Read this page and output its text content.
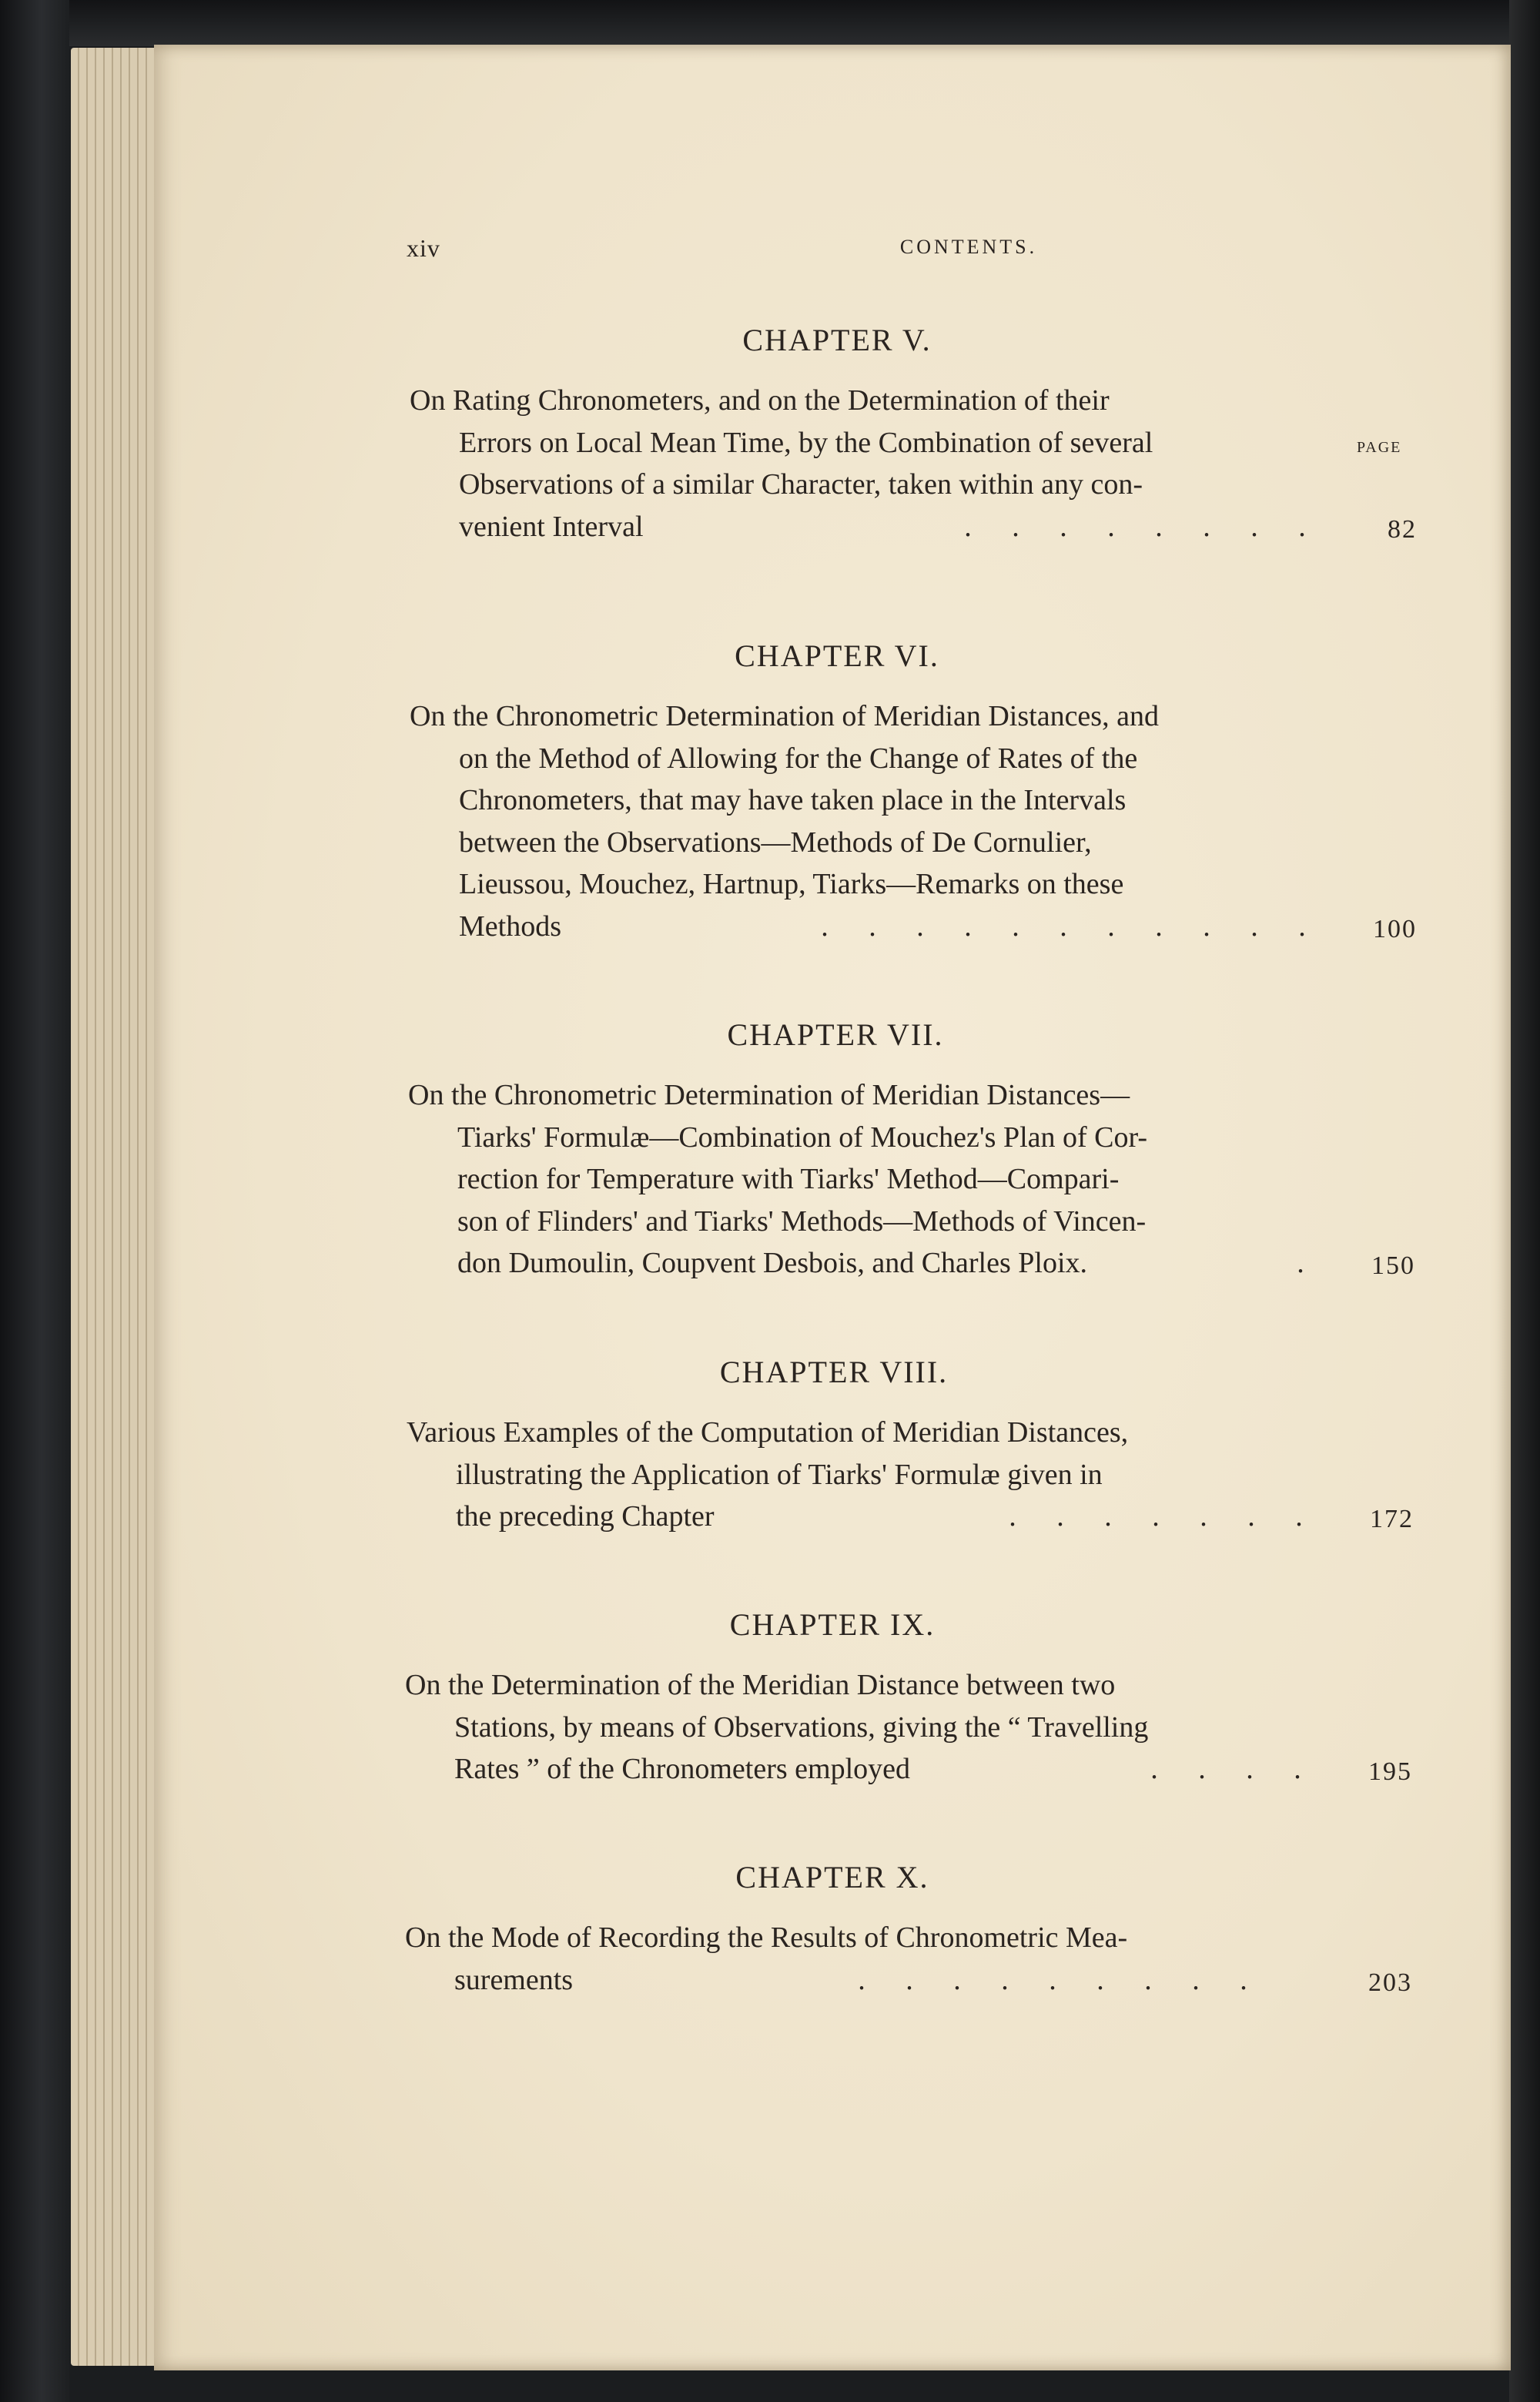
xiv	CONTENTS.
PAGE
CHAPTER V.
On Rating Chronometers, and on the Determination of their
Errors on Local Mean Time, by the Combination of several
Observations of a similar Character, taken within any con-
. . . . . . . .
venient Interval	82
CHAPTER VI.
On the Chronometric Determination of Meridian Distances, and
on the Method of Allowing for the Change of Rates of the
Chronometers, that may have taken place in the Intervals
between the Observations—Methods of De Cornulier,
Lieussou, Mouchez, Hartnup, Tiarks—Remarks on these
. . . . . . . . . . .
Methods	100
CHAPTER VII.
On the Chronometric Determination of Meridian Distances—
Tiarks' Formulæ—Combination of Mouchez's Plan of Cor-
rection for Temperature with Tiarks' Method—Compari-
son of Flinders' and Tiarks' Methods—Methods of Vincen-
.
don Dumoulin, Coupvent Desbois, and Charles Ploix.	150
CHAPTER VIII.
Various Examples of the Computation of Meridian Distances,
illustrating the Application of Tiarks' Formulæ given in
. . . . . . .
the preceding Chapter	172
CHAPTER IX.
On the Determination of the Meridian Distance between two
Stations, by means of Observations, giving the “ Travelling
. . . .
Rates ” of the Chronometers employed	195
CHAPTER X.
On the Mode of Recording the Results of Chronometric Mea-
. . . . . . . . .
surements	203
